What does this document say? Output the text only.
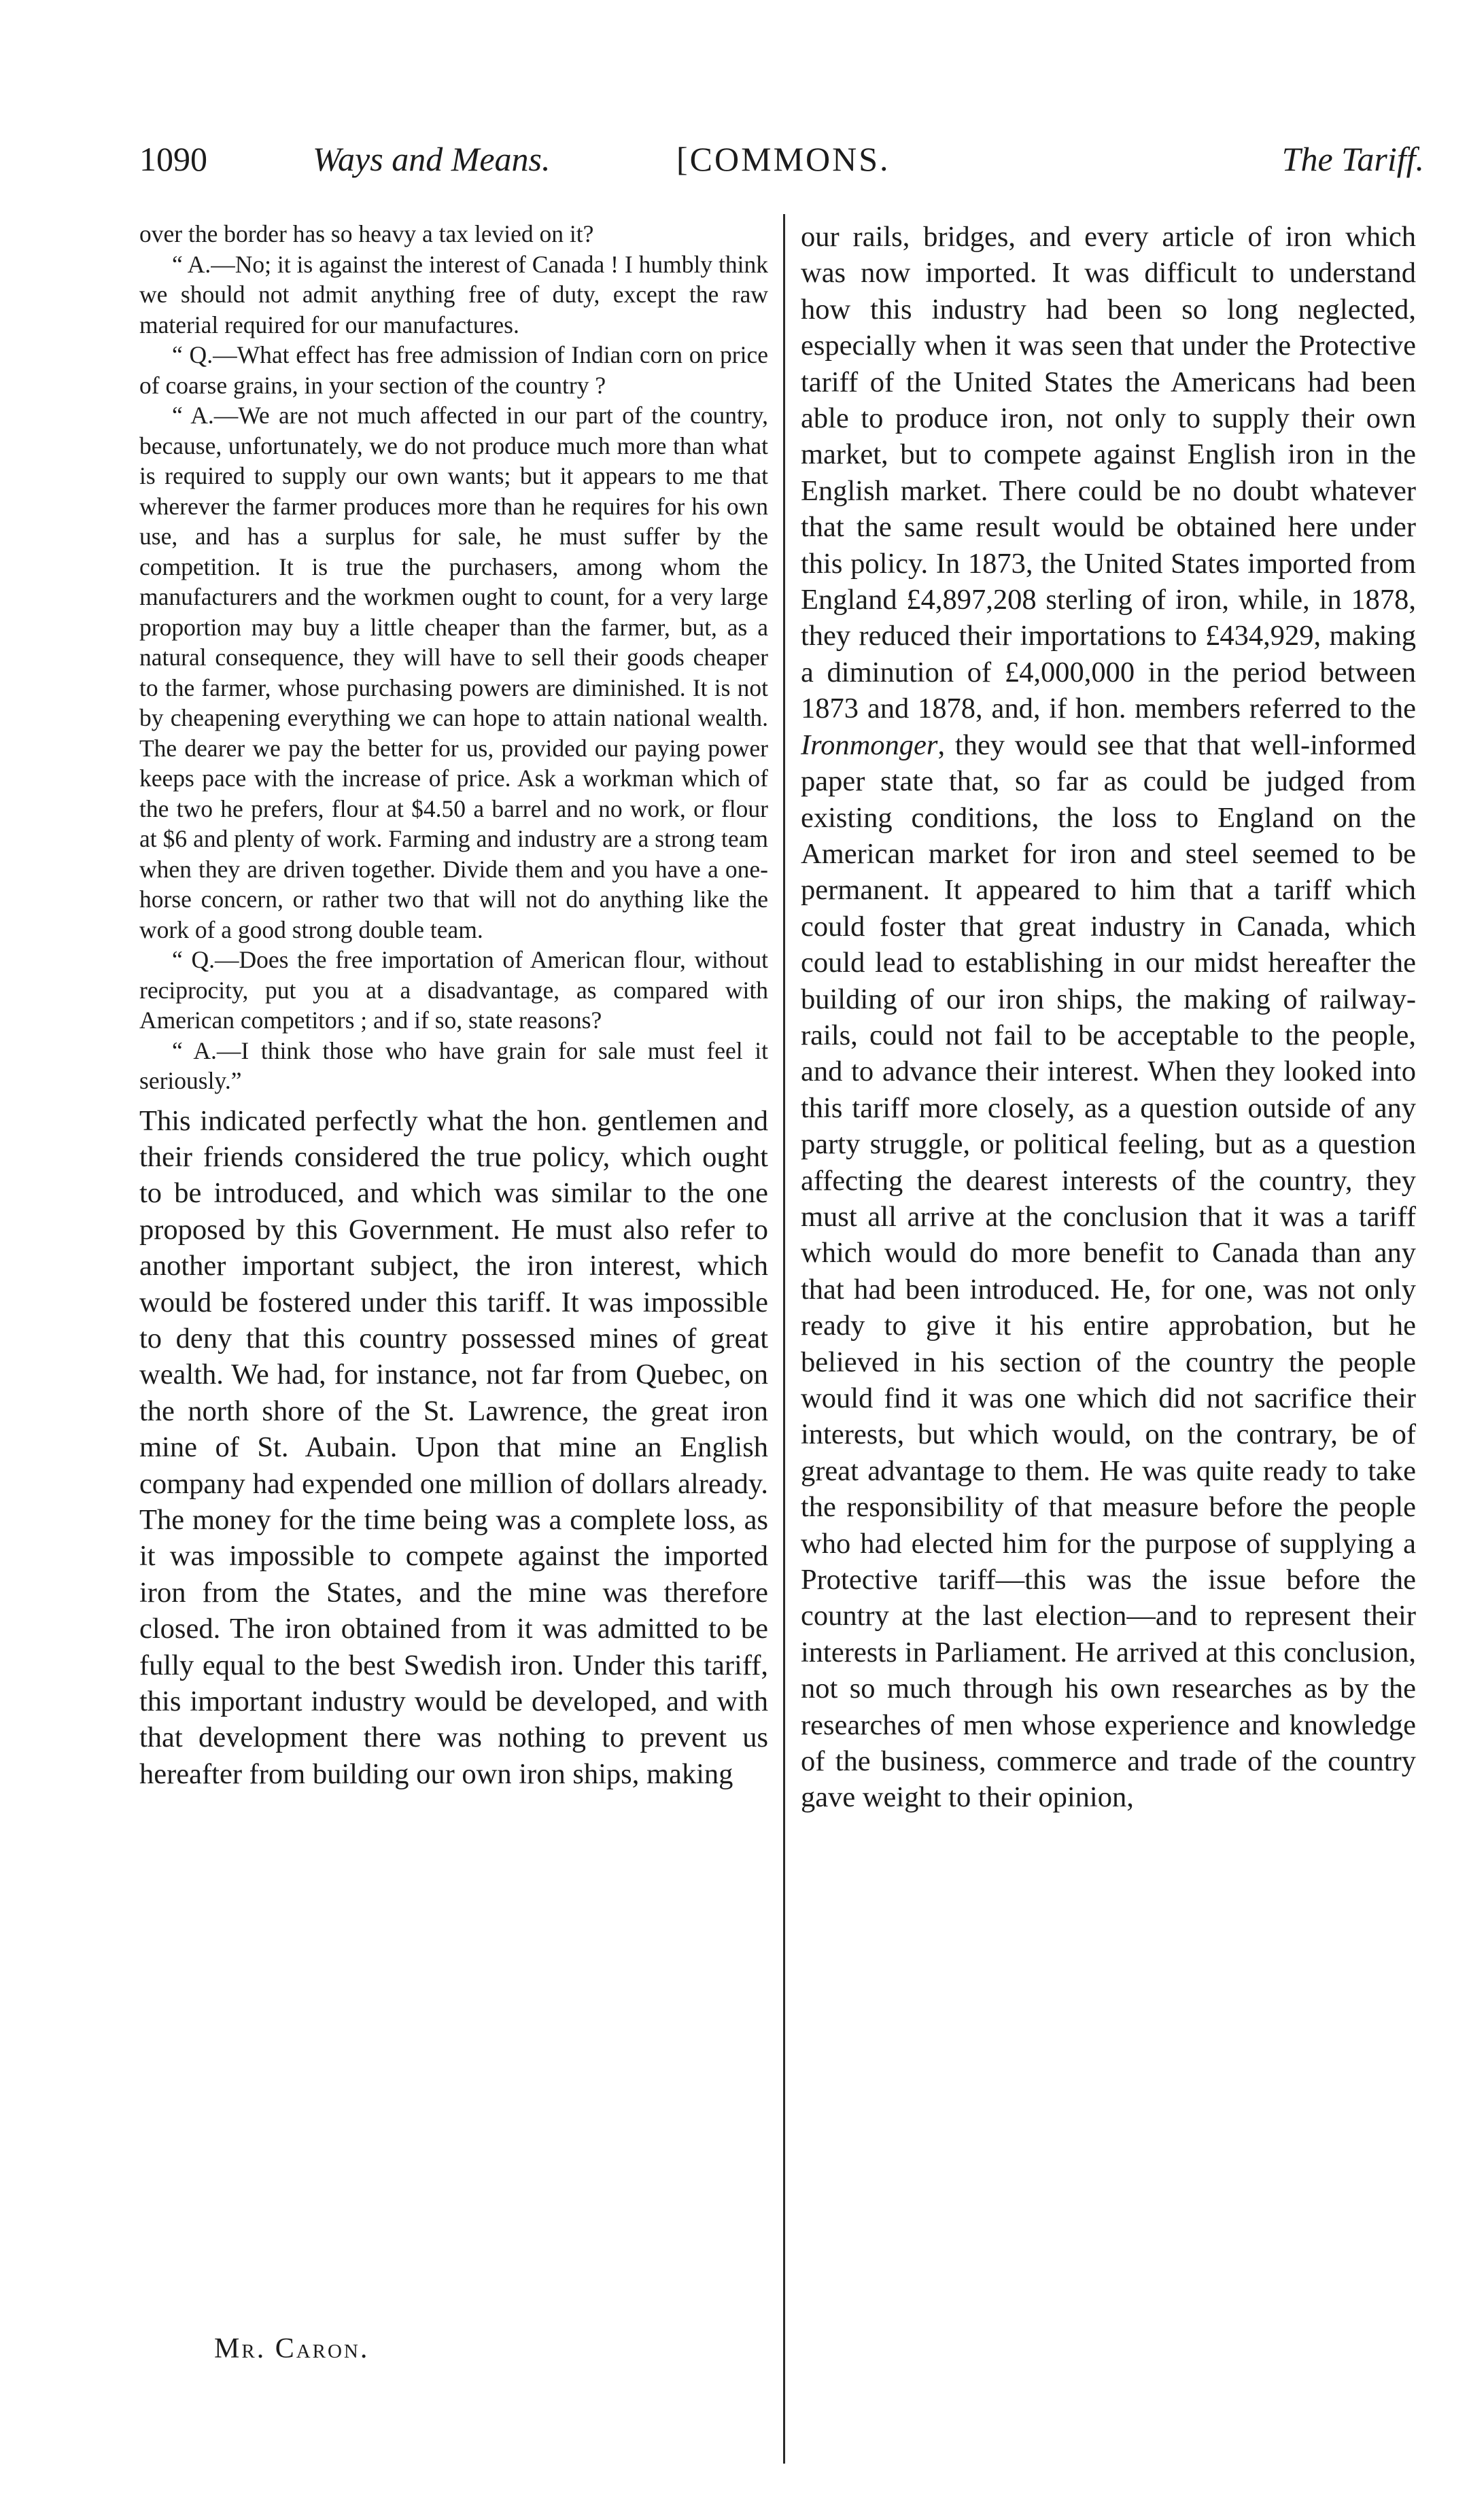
1090	Ways and Means.	[COMMONS.	The Tariff.

over the border has so heavy a tax levied on it?

“ A.—No; it is against the interest of Canada ! I humbly think we should not admit anything free of duty, except the raw material required for our manufactures.

“ Q.—What effect has free admission of Indian corn on price of coarse grains, in your section of the country ?

“ A.—We are not much affected in our part of the country, because, unfortunately, we do not produce much more than what is required to supply our own wants; but it appears to me that wherever the farmer produces more than he requires for his own use, and has a surplus for sale, he must suffer by the competition. It is true the purchasers, among whom the manufacturers and the workmen ought to count, for a very large proportion may buy a little cheaper than the farmer, but, as a natural consequence, they will have to sell their goods cheaper to the farmer, whose purchasing powers are diminished. It is not by cheapening everything we can hope to attain national wealth. The dearer we pay the better for us, provided our paying power keeps pace with the increase of price. Ask a workman which of the two he prefers, flour at $4.50 a barrel and no work, or flour at $6 and plenty of work. Farming and industry are a strong team when they are driven together. Divide them and you have a one-horse concern, or rather two that will not do anything like the work of a good strong double team.

“ Q.—Does the free importation of American flour, without reciprocity, put you at a disadvantage, as compared with American competitors ; and if so, state reasons?

“ A.—I think those who have grain for sale must feel it seriously.”

This indicated perfectly what the hon. gentlemen and their friends considered the true policy, which ought to be introduced, and which was similar to the one proposed by this Government. He must also refer to another important subject, the iron interest, which would be fostered under this tariff. It was impossible to deny that this country possessed mines of great wealth. We had, for instance, not far from Quebec, on the north shore of the St. Lawrence, the great iron mine of St. Aubain. Upon that mine an English company had expended one million of dollars already. The money for the time being was a complete loss, as it was impossible to compete against the imported iron from the States, and the mine was therefore closed. The iron obtained from it was admitted to be fully equal to the best Swedish iron. Under this tariff, this important industry would be developed, and with that development there was nothing to prevent us hereafter from building our own iron ships, making

our rails, bridges, and every article of iron which was now imported. It was difficult to understand how this industry had been so long neglected, especially when it was seen that under the Protective tariff of the United States the Americans had been able to produce iron, not only to supply their own market, but to compete against English iron in the English market. There could be no doubt whatever that the same result would be obtained here under this policy. In 1873, the United States imported from England £4,897,208 sterling of iron, while, in 1878, they reduced their importations to £434,929, making a diminution of £4,000,000 in the period between 1873 and 1878, and, if hon. members referred to the Ironmonger, they would see that that well-informed paper state that, so far as could be judged from existing conditions, the loss to England on the American market for iron and steel seemed to be permanent. It appeared to him that a tariff which could foster that great industry in Canada, which could lead to establishing in our midst hereafter the building of our iron ships, the making of railway-rails, could not fail to be acceptable to the people, and to advance their interest. When they looked into this tariff more closely, as a question outside of any party struggle, or political feeling, but as a question affecting the dearest interests of the country, they must all arrive at the conclusion that it was a tariff which would do more benefit to Canada than any that had been introduced. He, for one, was not only ready to give it his entire approbation, but he believed in his section of the country the people would find it was one which did not sacrifice their interests, but which would, on the contrary, be of great advantage to them. He was quite ready to take the responsibility of that measure before the people who had elected him for the purpose of supplying a Protective tariff—this was the issue before the country at the last election—and to represent their interests in Parliament. He arrived at this conclusion, not so much through his own researches as by the researches of men whose experience and knowledge of the business, commerce and trade of the country gave weight to their opinion,

Mr. Caron.
